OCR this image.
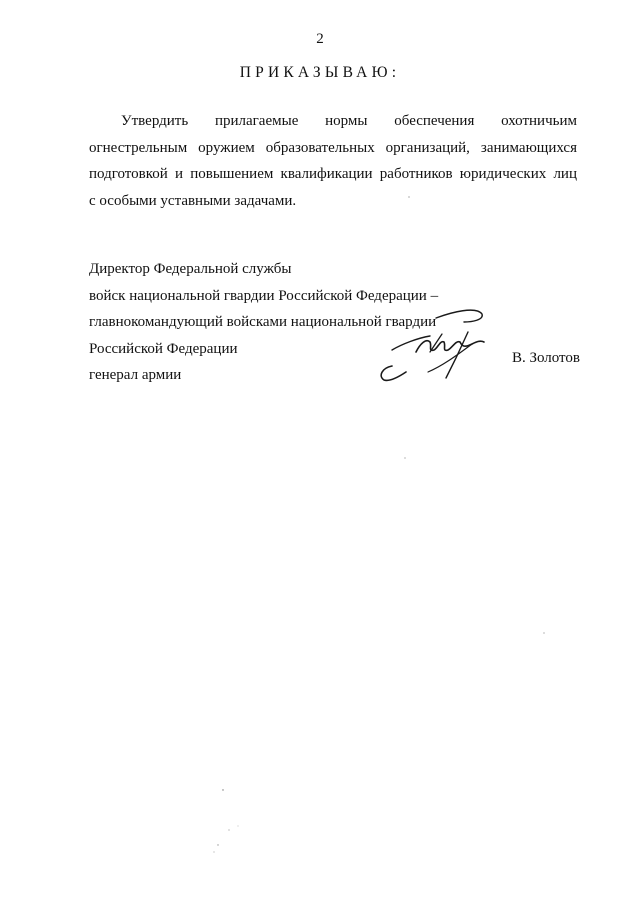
2
ПРИКАЗЫВАЮ:
Утвердить прилагаемые нормы обеспечения охотничьим
огнестрельным оружием образовательных организаций, занимающихся
подготовкой и повышением квалификации работников юридических лиц
с особыми уставными задачами.
Директор Федеральной службы
войск национальной гвардии Российской Федерации –
главнокомандующий войсками национальной гвардии
Российской Федерации
генерал армии
В. Золотов
